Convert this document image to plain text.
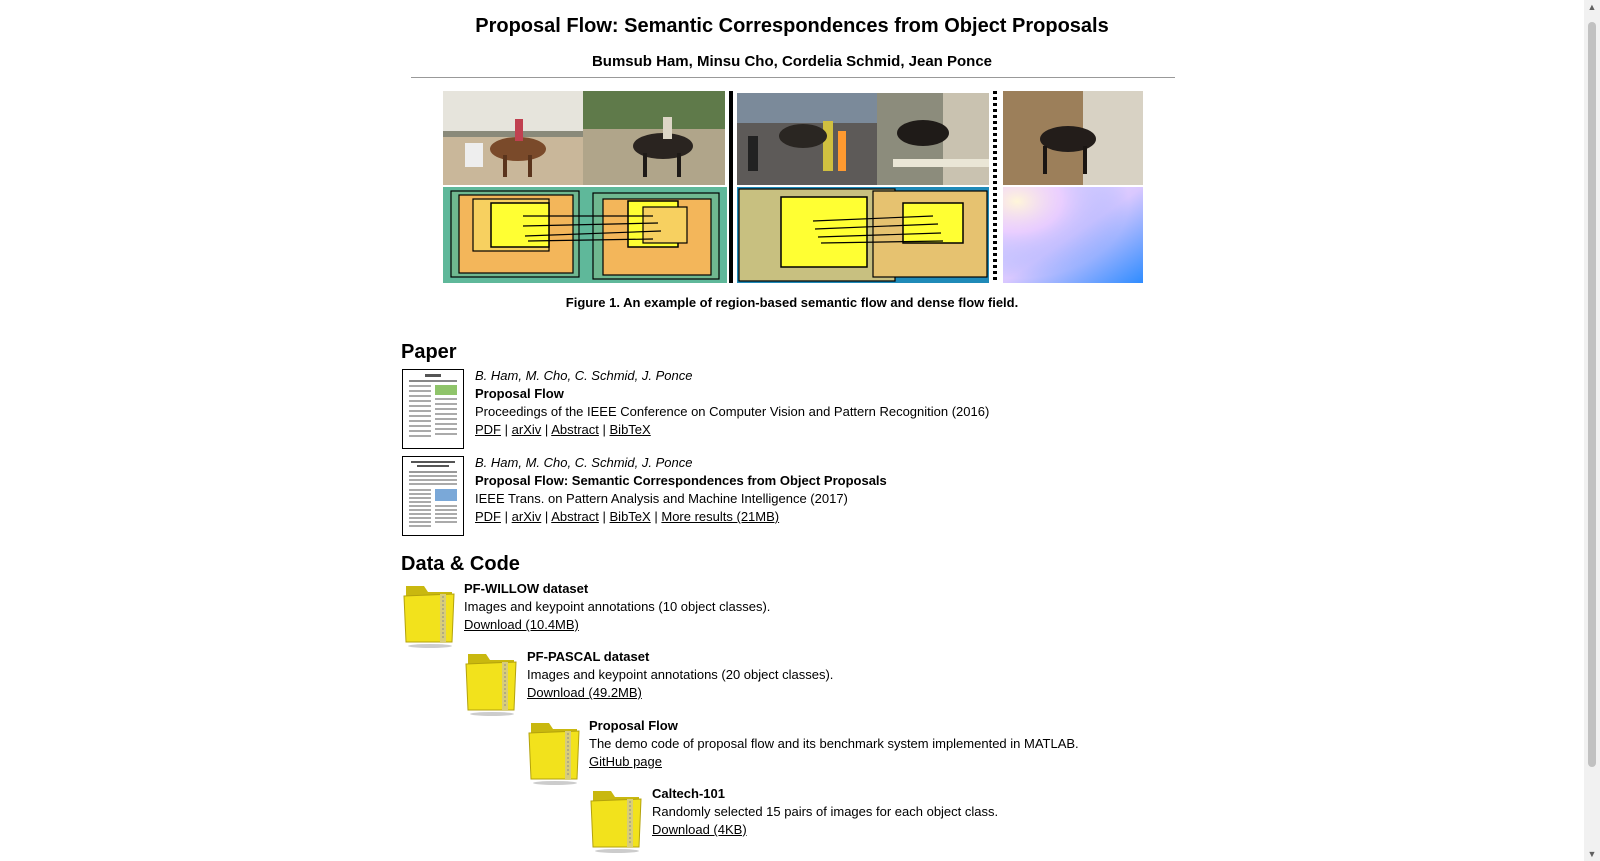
Proposal Flow: Semantic Correspondences from Object Proposals
Bumsub Ham, Minsu Cho, Cordelia Schmid, Jean Ponce
Figure 1. An example of region-based semantic flow and dense flow field.
Paper
B. Ham, M. Cho, C. Schmid, J. Ponce
Proposal Flow
Proceedings of the IEEE Conference on Computer Vision and Pattern Recognition (2016)
PDF | arXiv | Abstract | BibTeX
B. Ham, M. Cho, C. Schmid, J. Ponce
Proposal Flow: Semantic Correspondences from Object Proposals
IEEE Trans. on Pattern Analysis and Machine Intelligence (2017)
PDF | arXiv | Abstract | BibTeX | More results (21MB)
Data & Code
PF-WILLOW dataset
Images and keypoint annotations (10 object classes).
Download (10.4MB)
PF-PASCAL dataset
Images and keypoint annotations (20 object classes).
Download (49.2MB)
Proposal Flow
The demo code of proposal flow and its benchmark system implemented in MATLAB.
GitHub page
Caltech-101
Randomly selected 15 pairs of images for each object class.
Download (4KB)
▲
▼
